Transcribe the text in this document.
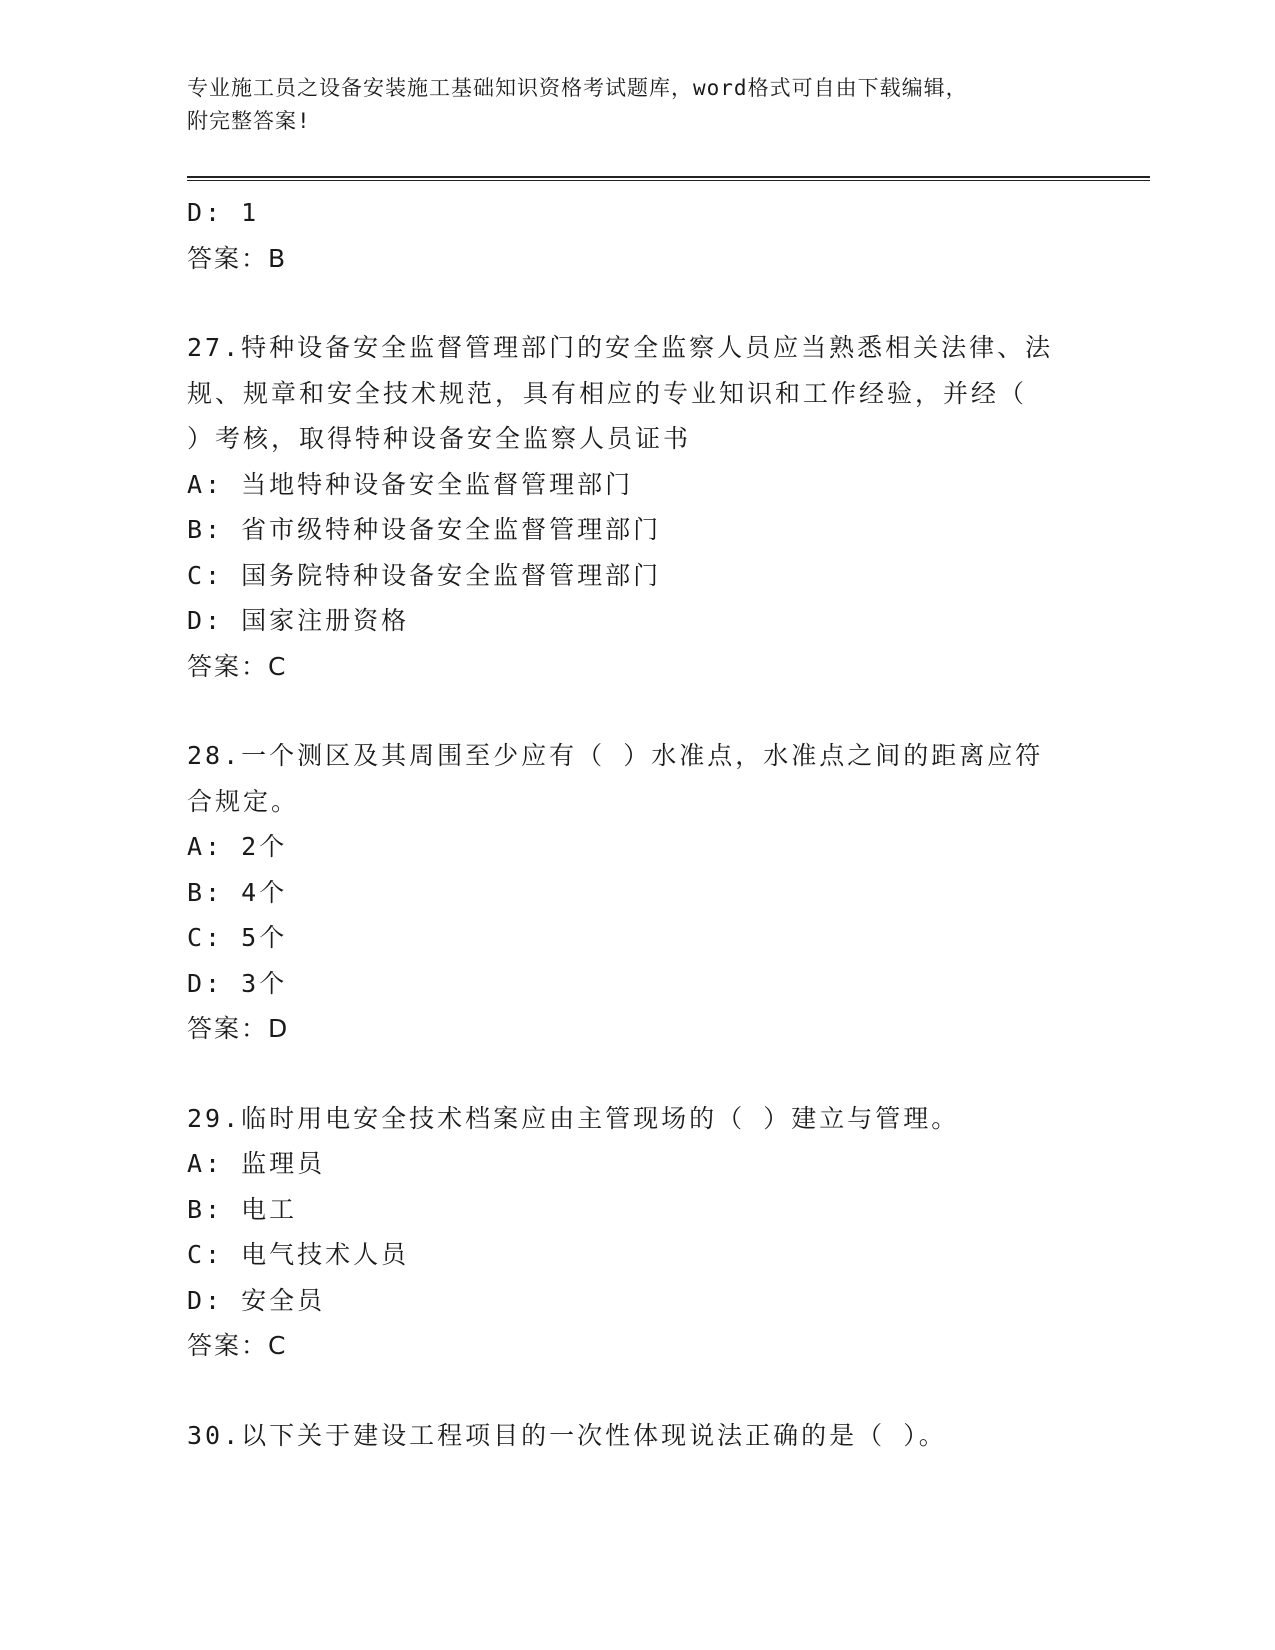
专业施工员之设备安装施工基础知识资格考试题库，word格式可自由下载编辑，
附完整答案!
D: 1
答案：B
27.特种设备安全监督管理部门的安全监察人员应当熟悉相关法律、法
规、规章和安全技术规范，具有相应的专业知识和工作经验，并经（
）考核，取得特种设备安全监察人员证书
A: 当地特种设备安全监督管理部门
B: 省市级特种设备安全监督管理部门
C: 国务院特种设备安全监督管理部门
D: 国家注册资格
答案：C
28.一个测区及其周围至少应有（ ）水准点，水准点之间的距离应符
合规定。
A: 2个
B: 4个
C: 5个
D: 3个
答案：D
29.临时用电安全技术档案应由主管现场的（ ）建立与管理。
A: 监理员
B: 电工
C: 电气技术人员
D: 安全员
答案：C
30.以下关于建设工程项目的一次性体现说法正确的是（ ）。
